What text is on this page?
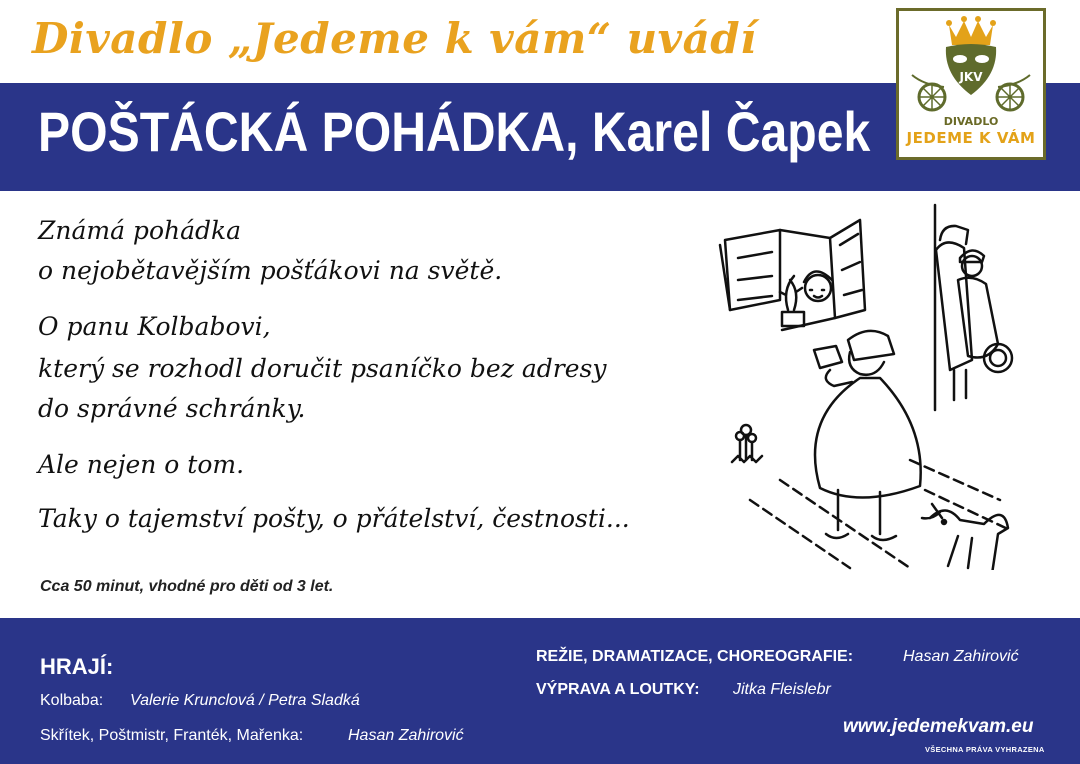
Divadlo „Jedeme k vám“ uvádí
POŠTÁCKÁ POHÁDKA, Karel Čapek
JKV
DIVADLO
JEDEME K VÁM
Známá pohádka
o nejobětavějším pošťákovi na světě.
O panu Kolbabovi,
který se rozhodl doručit psaníčko bez adresy
do správné schránky.
Ale nejen o tom.
Taky o tajemství pošty, o přátelství, čestnosti...
Cca 50 minut, vhodné pro děti od 3 let.
HRAJÍ:
Kolbaba: Valerie Krunclová / Petra Sladká
Skřítek, Poštmistr, Franték, Mařenka:	Hasan Zahirović
REŽIE, DRAMATIZACE, CHOREOGRAFIE:	Hasan Zahirović
VÝPRAVA A LOUTKY: Jitka Fleislebr
www.jedemekvam.eu
VŠECHNA PRÁVA VYHRAZENA
